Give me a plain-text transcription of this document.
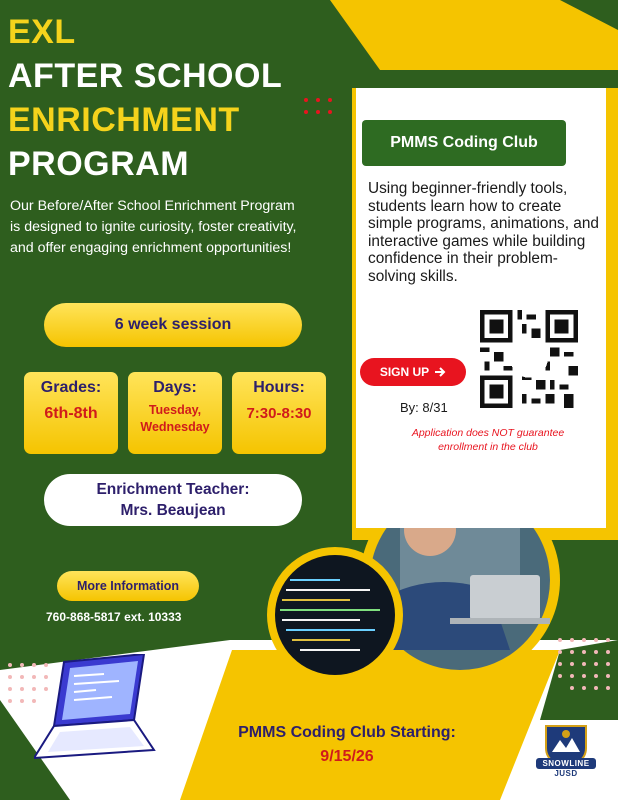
EXL
AFTER SCHOOL
ENRICHMENT
PROGRAM

Our Before/After School Enrichment Program is designed to ignite curiosity, foster creativity, and offer engaging enrichment opportunities!

6 week session
Grades:
6th-8th
Days:
Tuesday,
Wednesday
Hours:
7:30-8:30
Enrichment Teacher:
Mrs. Beaujean
More Information
760-868-5817 ext. 10333
PMMS Coding Club

Using beginner-friendly tools, students learn how to create simple programs, animations, and interactive games while building confidence in their problem-solving skills.

SIGN UP
By: 8/31
Application does NOT guarantee enrollment in the club
PMMS Coding Club Starting:
9/15/26	SNOWLINE
JUSD
